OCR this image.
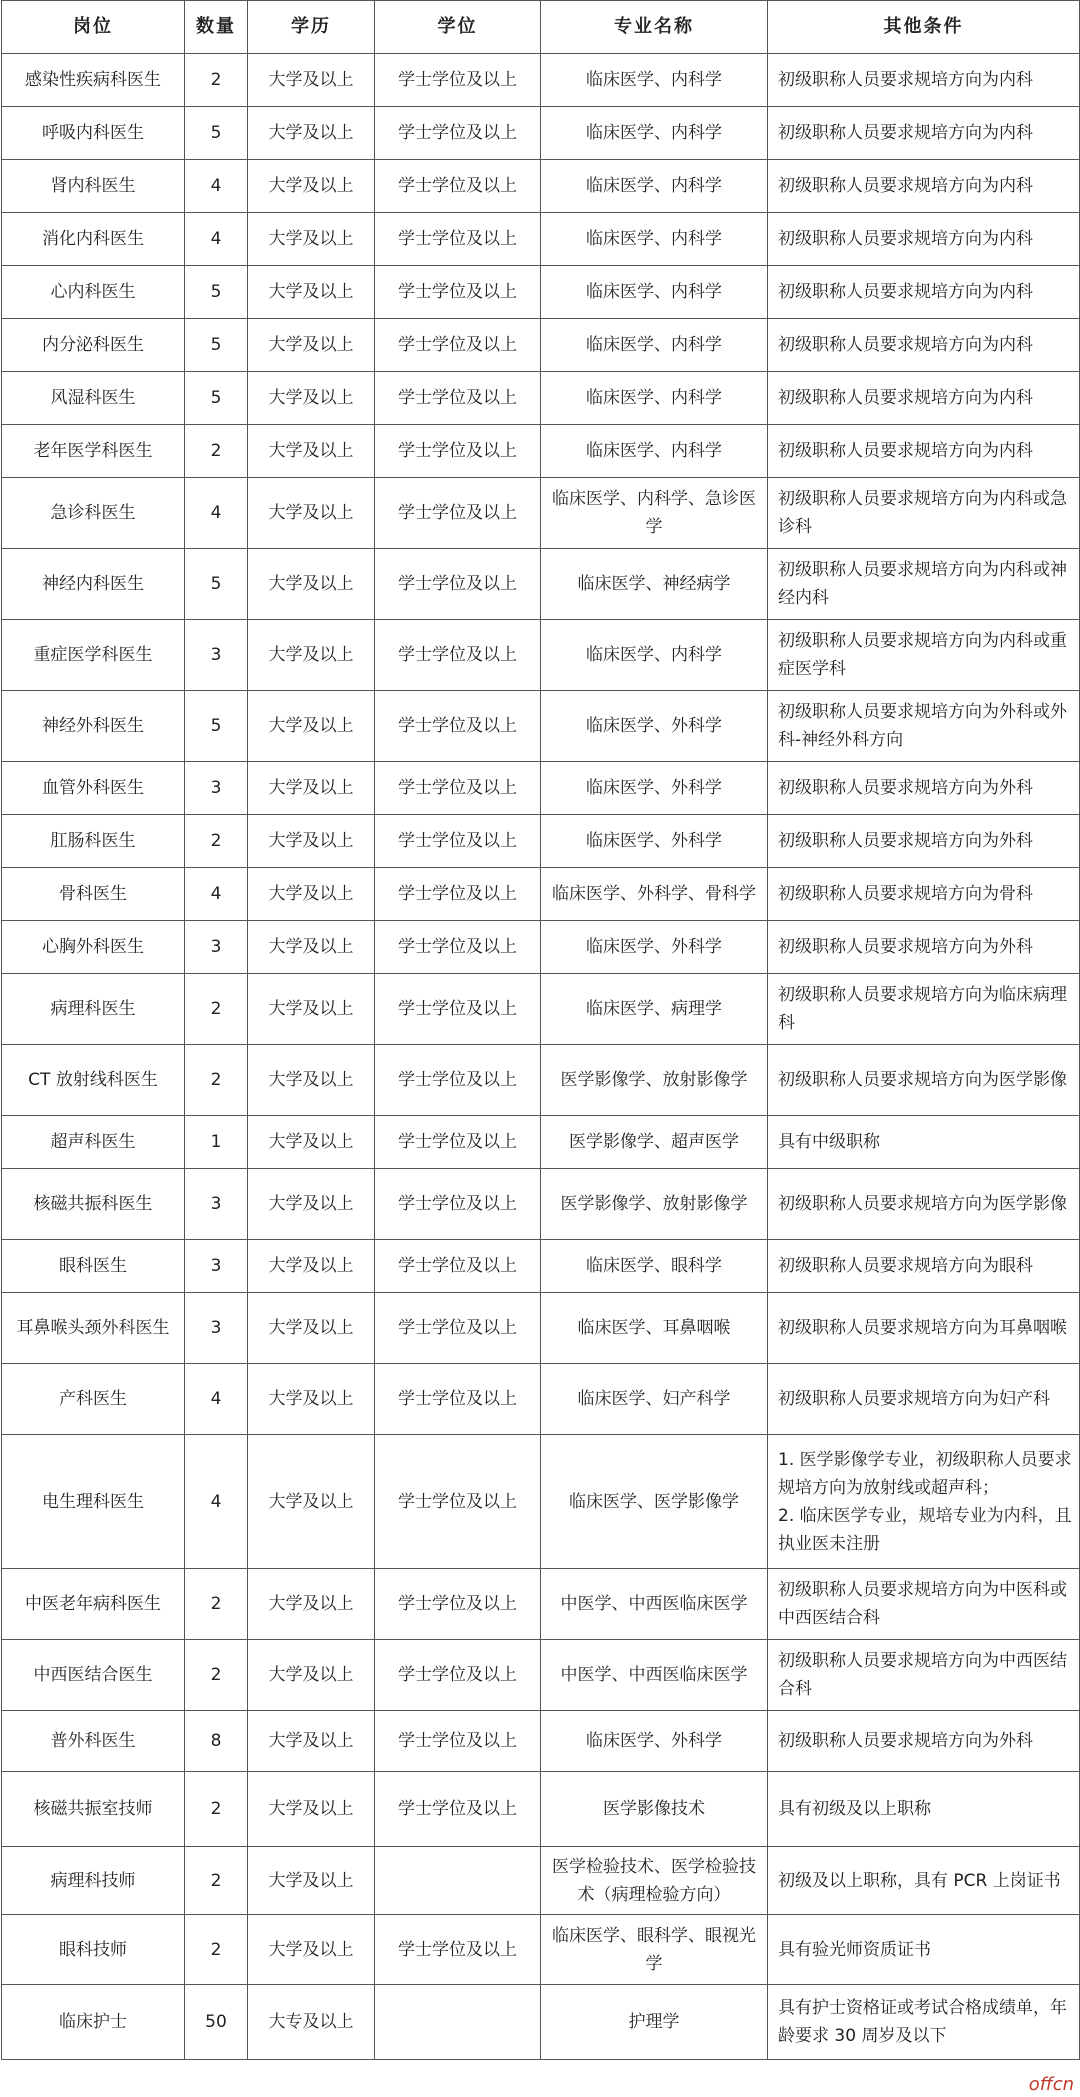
岗位	数量	学历	学位	专业名称	其他条件
感染性疾病科医生	2	大学及以上	学士学位及以上	临床医学、内科学	初级职称人员要求规培方向为内科
呼吸内科医生	5	大学及以上	学士学位及以上	临床医学、内科学	初级职称人员要求规培方向为内科
肾内科医生	4	大学及以上	学士学位及以上	临床医学、内科学	初级职称人员要求规培方向为内科
消化内科医生	4	大学及以上	学士学位及以上	临床医学、内科学	初级职称人员要求规培方向为内科
心内科医生	5	大学及以上	学士学位及以上	临床医学、内科学	初级职称人员要求规培方向为内科
内分泌科医生	5	大学及以上	学士学位及以上	临床医学、内科学	初级职称人员要求规培方向为内科
风湿科医生	5	大学及以上	学士学位及以上	临床医学、内科学	初级职称人员要求规培方向为内科
老年医学科医生	2	大学及以上	学士学位及以上	临床医学、内科学	初级职称人员要求规培方向为内科
急诊科医生	4	大学及以上	学士学位及以上	临床医学、内科学、急诊医学	初级职称人员要求规培方向为内科或急诊科
神经内科医生	5	大学及以上	学士学位及以上	临床医学、神经病学	初级职称人员要求规培方向为内科或神经内科
重症医学科医生	3	大学及以上	学士学位及以上	临床医学、内科学	初级职称人员要求规培方向为内科或重症医学科
神经外科医生	5	大学及以上	学士学位及以上	临床医学、外科学	初级职称人员要求规培方向为外科或外科-神经外科方向
血管外科医生	3	大学及以上	学士学位及以上	临床医学、外科学	初级职称人员要求规培方向为外科
肛肠科医生	2	大学及以上	学士学位及以上	临床医学、外科学	初级职称人员要求规培方向为外科
骨科医生	4	大学及以上	学士学位及以上	临床医学、外科学、骨科学	初级职称人员要求规培方向为骨科
心胸外科医生	3	大学及以上	学士学位及以上	临床医学、外科学	初级职称人员要求规培方向为外科
病理科医生	2	大学及以上	学士学位及以上	临床医学、病理学	初级职称人员要求规培方向为临床病理科
CT 放射线科医生	2	大学及以上	学士学位及以上	医学影像学、放射影像学	初级职称人员要求规培方向为医学影像
超声科医生	1	大学及以上	学士学位及以上	医学影像学、超声医学	具有中级职称
核磁共振科医生	3	大学及以上	学士学位及以上	医学影像学、放射影像学	初级职称人员要求规培方向为医学影像
眼科医生	3	大学及以上	学士学位及以上	临床医学、眼科学	初级职称人员要求规培方向为眼科
耳鼻喉头颈外科医生	3	大学及以上	学士学位及以上	临床医学、耳鼻咽喉	初级职称人员要求规培方向为耳鼻咽喉
产科医生	4	大学及以上	学士学位及以上	临床医学、妇产科学	初级职称人员要求规培方向为妇产科
电生理科医生	4	大学及以上	学士学位及以上	临床医学、医学影像学	1. 医学影像学专业，初级职称人员要求规培方向为放射线或超声科；
2. 临床医学专业，规培专业为内科，且执业医未注册
中医老年病科医生	2	大学及以上	学士学位及以上	中医学、中西医临床医学	初级职称人员要求规培方向为中医科或中西医结合科
中西医结合医生	2	大学及以上	学士学位及以上	中医学、中西医临床医学	初级职称人员要求规培方向为中西医结合科
普外科医生	8	大学及以上	学士学位及以上	临床医学、外科学	初级职称人员要求规培方向为外科
核磁共振室技师	2	大学及以上	学士学位及以上	医学影像技术	具有初级及以上职称
病理科技师	2	大学及以上		医学检验技术、医学检验技术（病理检验方向）	初级及以上职称，具有 PCR 上岗证书
眼科技师	2	大学及以上	学士学位及以上	临床医学、眼科学、眼视光学	具有验光师资质证书
临床护士	50	大专及以上		护理学	具有护士资格证或考试合格成绩单，年龄要求 30 周岁及以下
offcn
